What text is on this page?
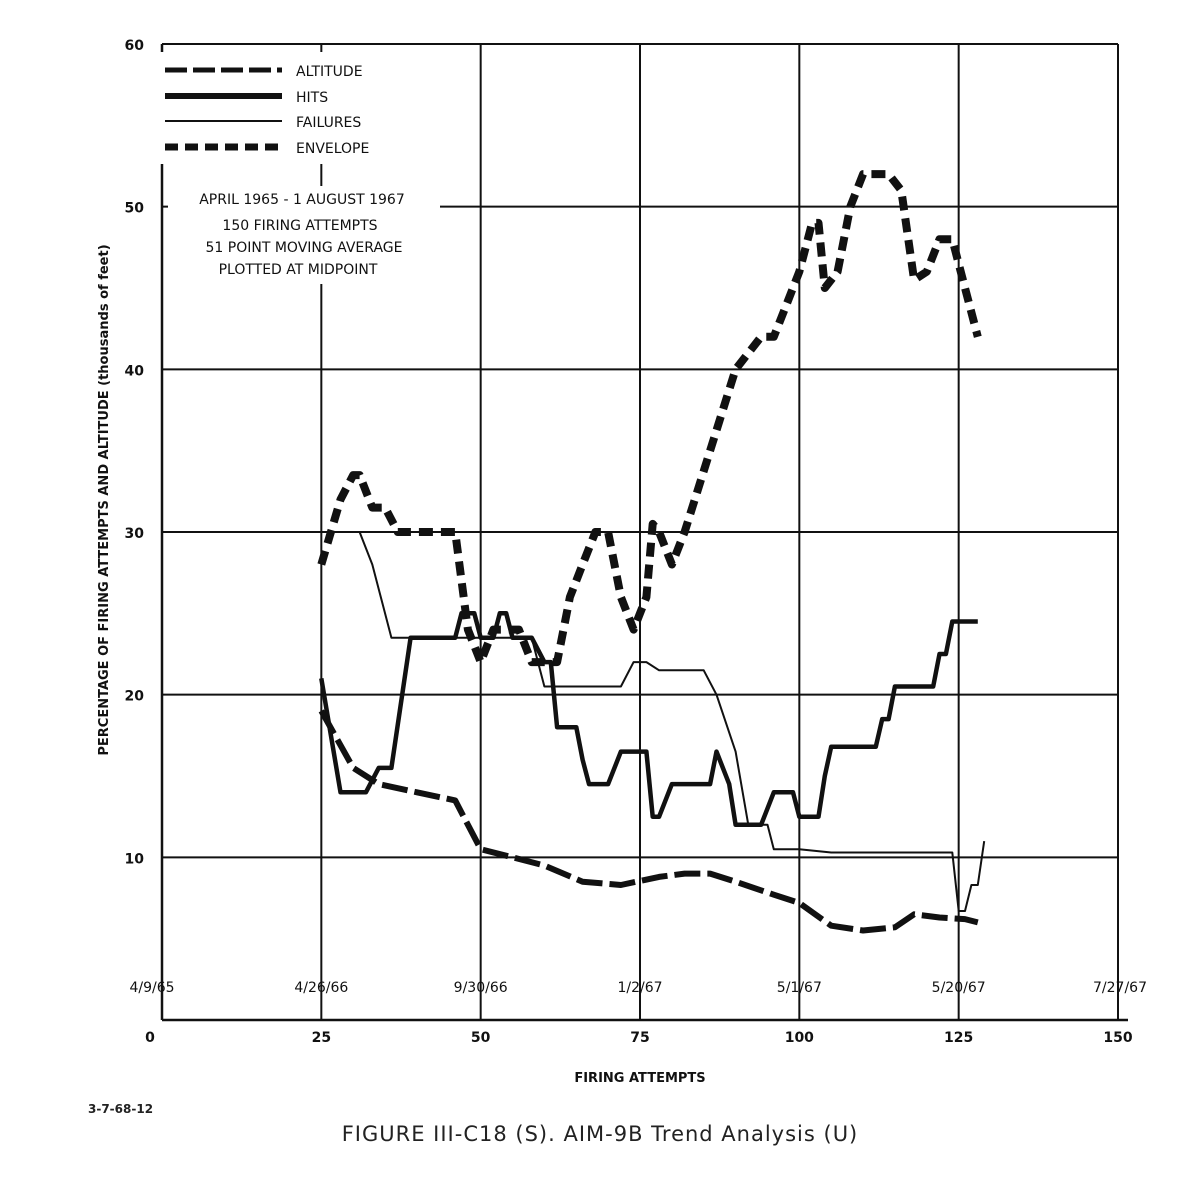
10
20
30
40
50
60
0	25	50	75	100	125	150
4/9/65	4/26/66	9/30/66	1/2/67	5/1/67	5/20/67	7/27/67
ALTITUDE
HITS
FAILURES
ENVELOPE
APRIL 1965 - 1 AUGUST 1967
150 FIRING ATTEMPTS
51 POINT MOVING AVERAGE
PLOTTED AT MIDPOINT
FIRING ATTEMPTS
PERCENTAGE OF FIRING ATTEMPTS AND ALTITUDE (thousands of feet)
3-7-68-12
FIGURE III-C18 (S). AIM-9B Trend Analysis (U)
